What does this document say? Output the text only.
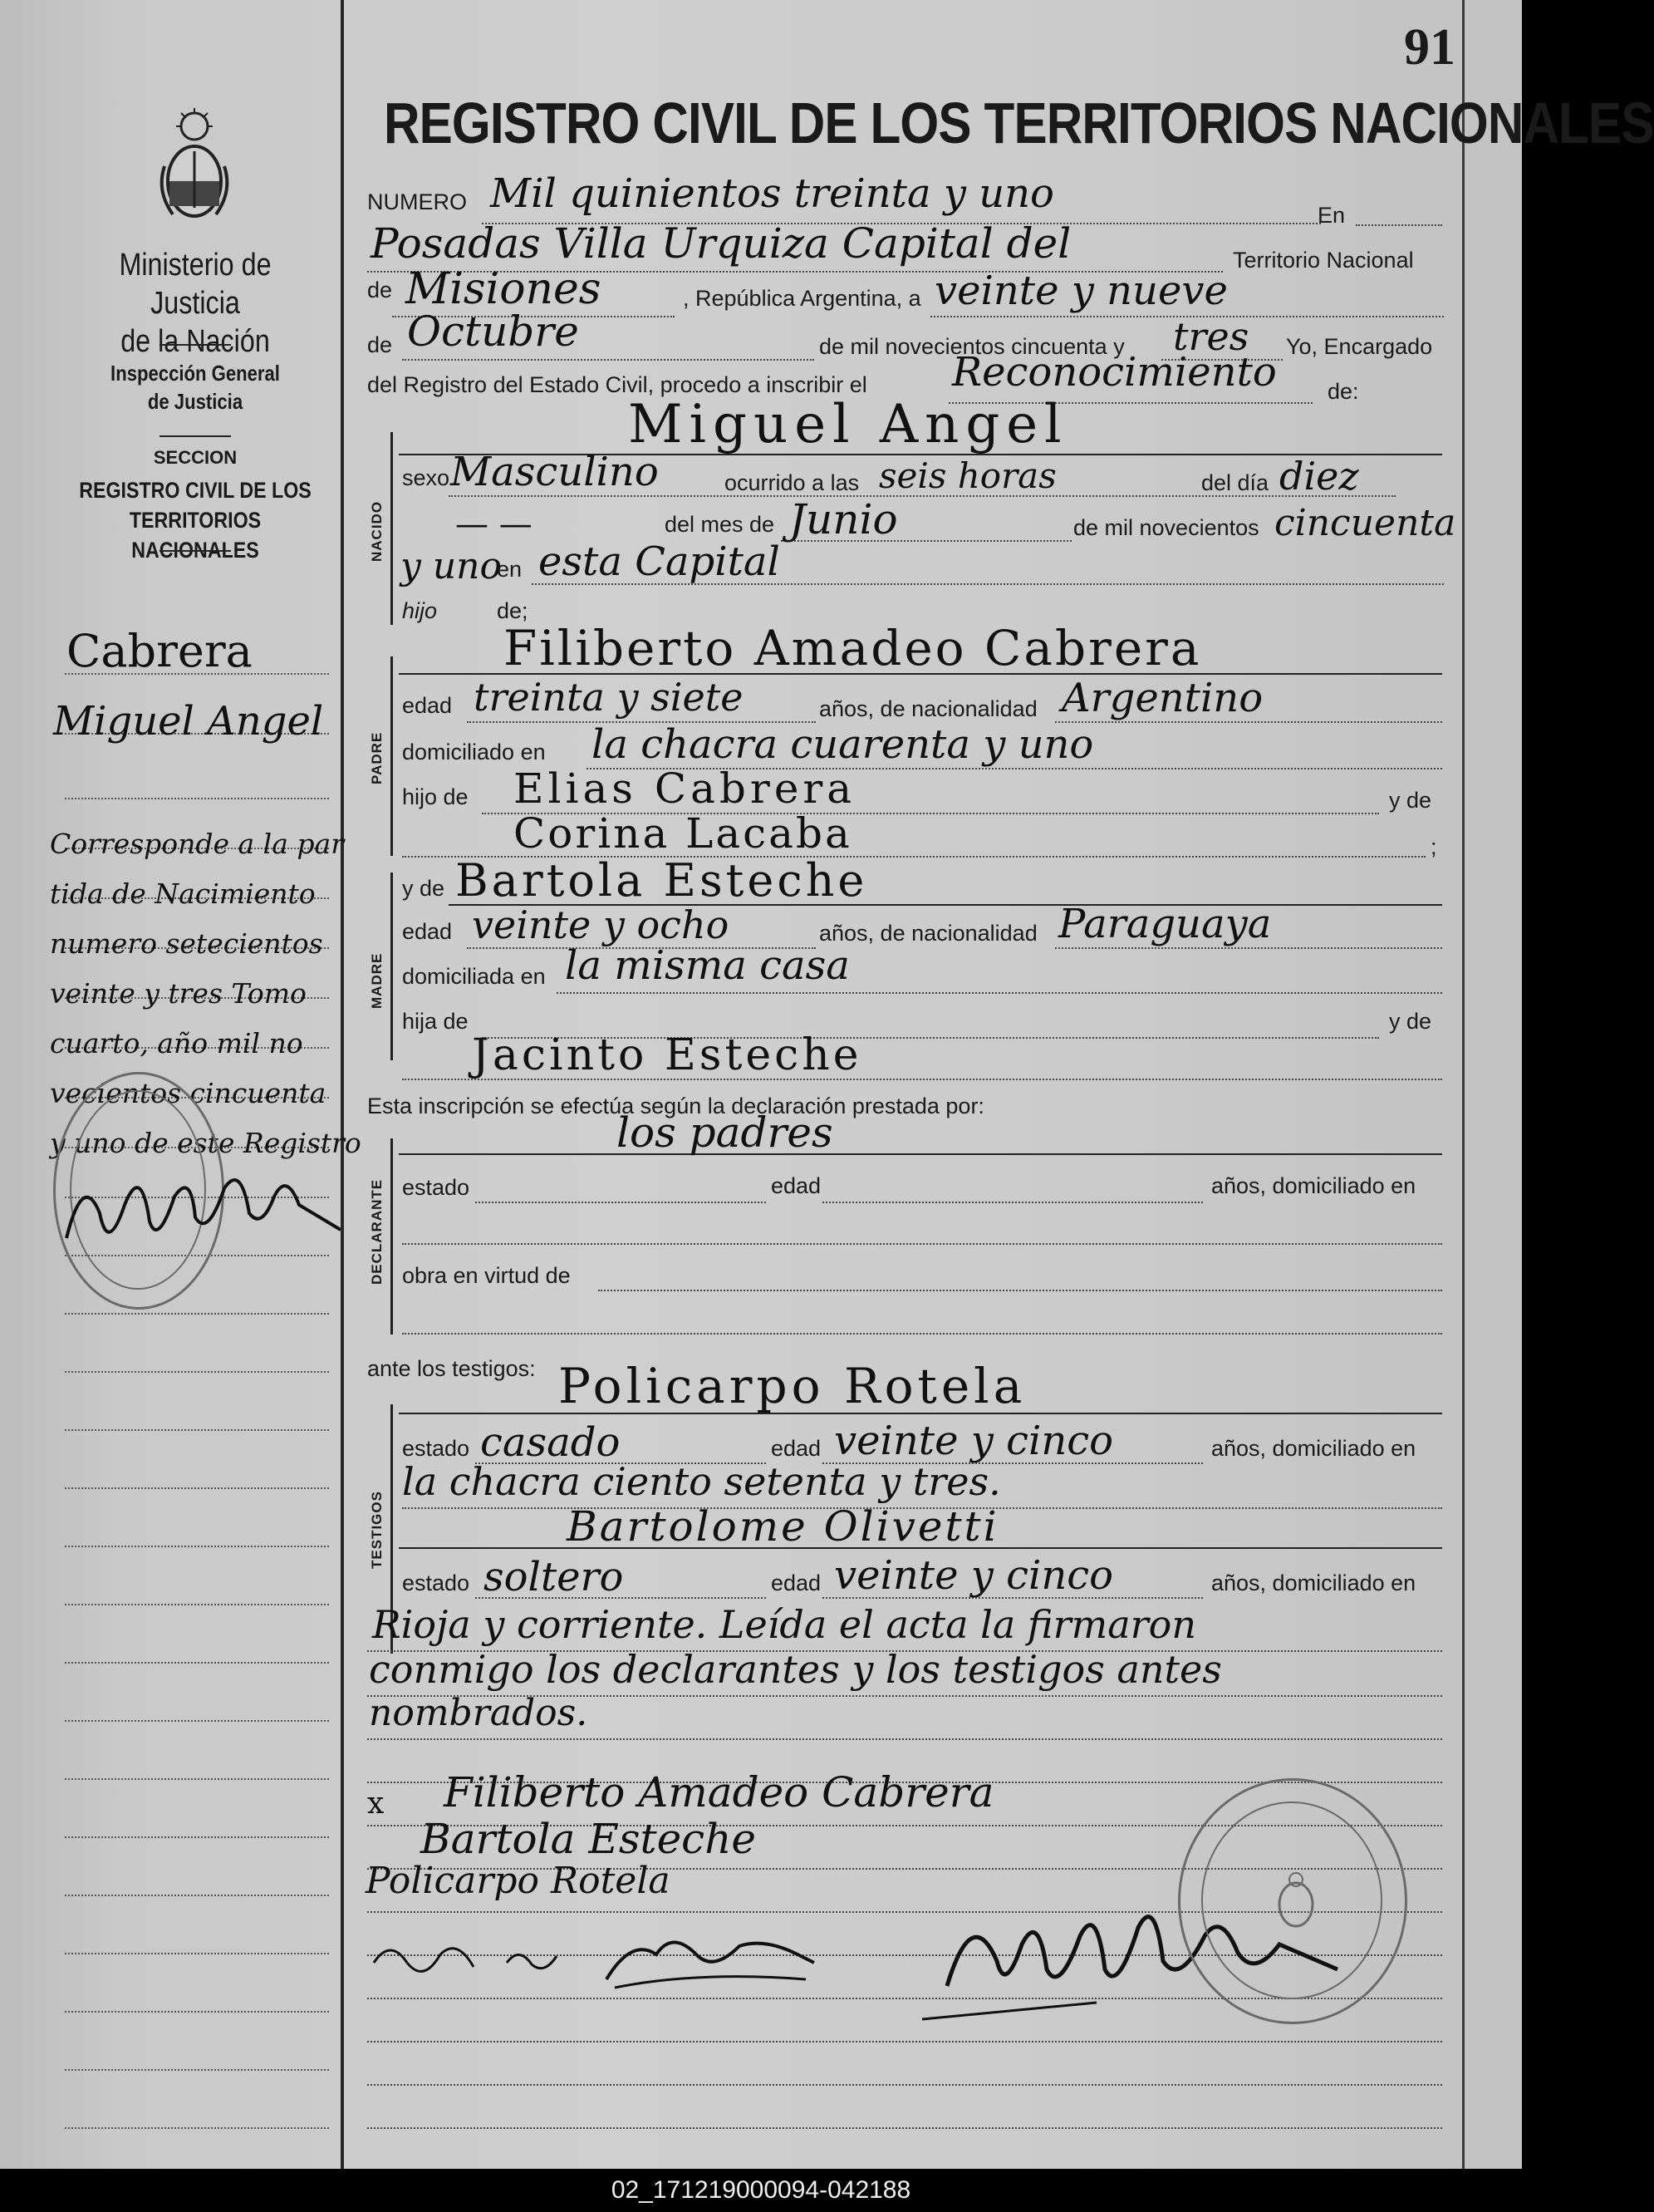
91
REGISTRO CIVIL DE LOS TERRITORIOS NACIONALES
Ministerio de Justicia
de la Nación
Inspección General
de Justicia
SECCION
REGISTRO CIVIL DE LOS
TERRITORIOS NACIONALES
Cabrera
Miguel Angel
Corresponde a la par
tida de Nacimiento
numero setecientos
veinte y tres Tomo
cuarto, año mil no
vecientos cincuenta
y uno de este Registro
NUMERO Mil quinientos treinta y uno	En
Posadas Villa Urquiza Capital del	Territorio Nacional
de Misiones	, República Argentina, a veinte y nueve
de Octubre	de mil novecientos cincuenta y tres Yo, Encargado
del Registro del Estado Civil, procedo a inscribir el Reconocimiento de:
Miguel Angel
NACIDO
sexo Masculino	ocurrido a las seis horas	del día diez
— —	del mes de Junio	de mil novecientos cincuenta
y uno
en esta Capital
hijo	de;
Filiberto Amadeo Cabrera
PADRE
edad treinta y siete	años, de nacionalidad Argentino
domiciliado en la chacra cuarenta y uno
hijo de Elias Cabrera	y de
Corina Lacaba	;
MADRE
y de Bartola Esteche
edad veinte y ocho	años, de nacionalidad Paraguaya
domiciliada en la misma casa
hija de	y de
Jacinto Esteche
Esta inscripción se efectúa según la declaración prestada por:
los padres
DECLARANTE estado	edad	años, domiciliado en
obra en virtud de
ante los testigos: Policarpo Rotela
TESTIGOS
estado casado	edad veinte y cinco	años, domiciliado en
la chacra ciento setenta y tres.
Bartolome Olivetti
estado soltero	edad veinte y cinco	años, domiciliado en
Rioja y corriente. Leída el acta la firmaron
conmigo los declarantes y los testigos antes
nombrados.
x Filiberto Amadeo Cabrera
Bartola Esteche
Policarpo Rotela
02_171219000094-042188
